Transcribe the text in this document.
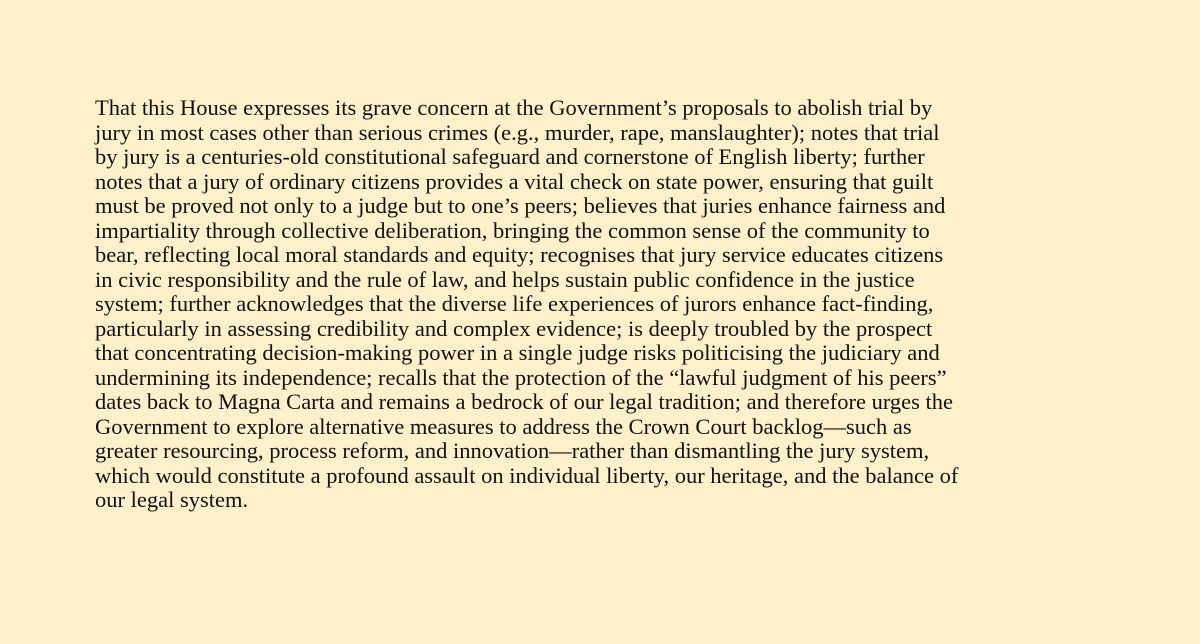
That this House expresses its grave concern at the Government’s proposals to abolish trial by
jury in most cases other than serious crimes (e.g., murder, rape, manslaughter); notes that trial
by jury is a centuries-old constitutional safeguard and cornerstone of English liberty; further
notes that a jury of ordinary citizens provides a vital check on state power, ensuring that guilt
must be proved not only to a judge but to one’s peers; believes that juries enhance fairness and
impartiality through collective deliberation, bringing the common sense of the community to
bear, reflecting local moral standards and equity; recognises that jury service educates citizens
in civic responsibility and the rule of law, and helps sustain public confidence in the justice
system; further acknowledges that the diverse life experiences of jurors enhance fact-finding,
particularly in assessing credibility and complex evidence; is deeply troubled by the prospect
that concentrating decision-making power in a single judge risks politicising the judiciary and
undermining its independence; recalls that the protection of the “lawful judgment of his peers”
dates back to Magna Carta and remains a bedrock of our legal tradition; and therefore urges the
Government to explore alternative measures to address the Crown Court backlog—such as
greater resourcing, process reform, and innovation—rather than dismantling the jury system,
which would constitute a profound assault on individual liberty, our heritage, and the balance of
our legal system.
